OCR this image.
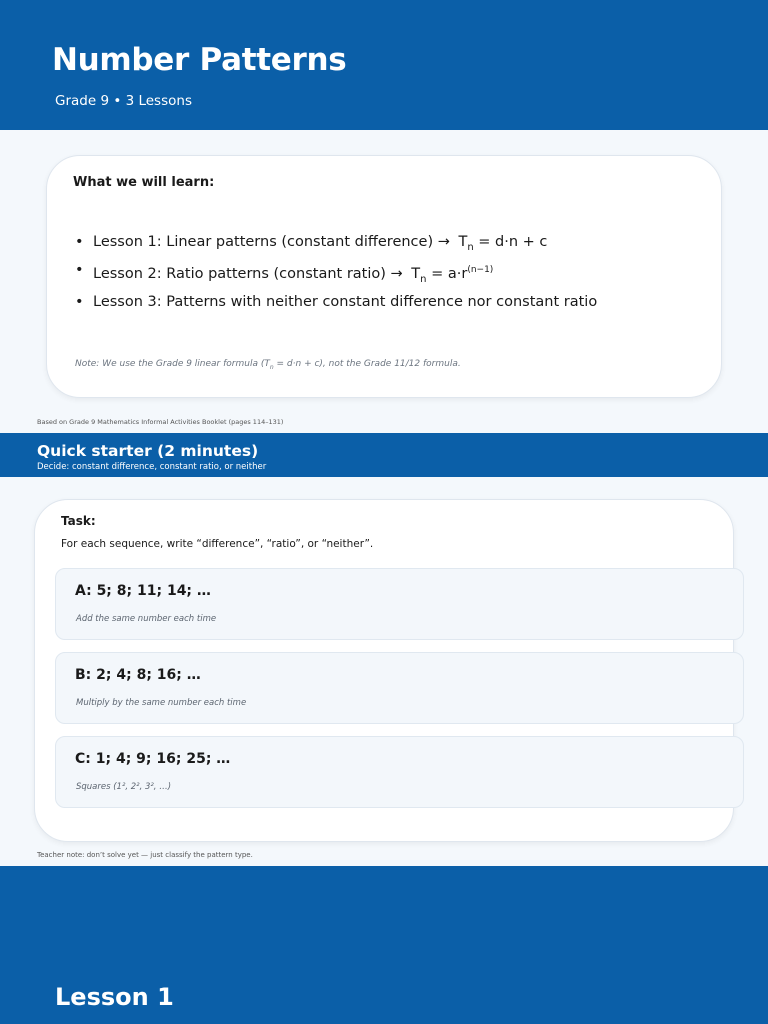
Number Patterns
Grade 9 • 3 Lessons
What we will learn:
• Lesson 1: Linear patterns (constant difference) → $T_n = d\cdot n + c$
• Lesson 2: Ratio patterns (constant ratio) → $T_n = a\cdot r^{(n-1)}$
• Lesson 3: Patterns with neither constant difference nor constant ratio
Note: We use the Grade 9 linear formula $(T_n = d\cdot n + c)$, not the Grade 11/12 formula.
Based on Grade 9 Mathematics Informal Activities Booklet (pages 114–131)
Quick starter (2 minutes)
Decide: constant difference, constant ratio, or neither
Task:
For each sequence, write “difference”, “ratio”, or “neither”.
A: 5; 8; 11; 14; …
Add the same number each time
B: 2; 4; 8; 16; …
Multiply by the same number each time
C: 1; 4; 9; 16; 25; …
Squares (1², 2², 3², …)
Teacher note: don’t solve yet — just classify the pattern type.
Lesson 1
